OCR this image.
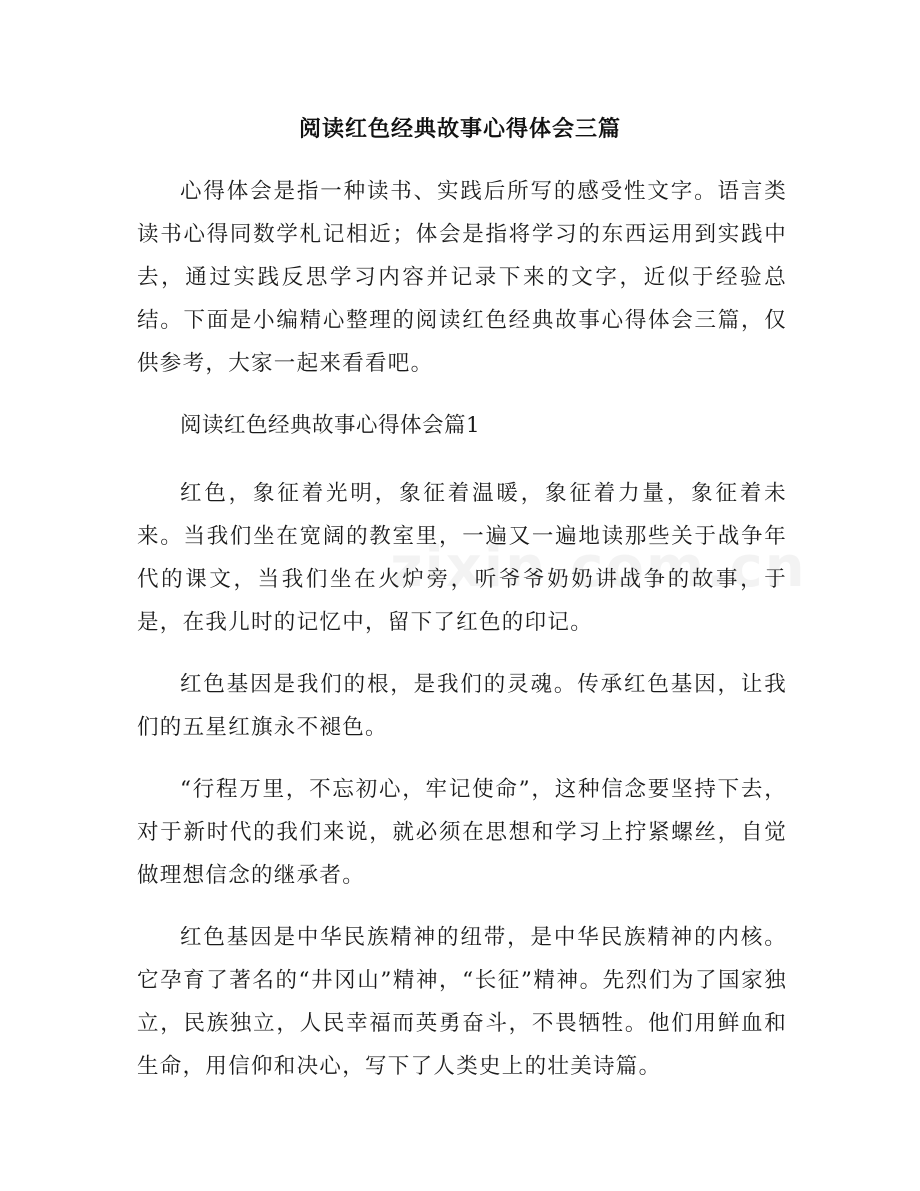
阅读红色经典故事心得体会三篇

心得体会是指一种读书、实践后所写的感受性文字。语言类读书心得同数学札记相近；体会是指将学习的东西运用到实践中去，通过实践反思学习内容并记录下来的文字，近似于经验总结。下面是小编精心整理的阅读红色经典故事心得体会三篇，仅供参考，大家一起来看看吧。

阅读红色经典故事心得体会篇1

红色，象征着光明，象征着温暖，象征着力量，象征着未来。当我们坐在宽阔的教室里，一遍又一遍地读那些关于战争年代的课文，当我们坐在火炉旁，听爷爷奶奶讲战争的故事，于是，在我儿时的记忆中，留下了红色的印记。

红色基因是我们的根，是我们的灵魂。传承红色基因，让我们的五星红旗永不褪色。

“行程万里，不忘初心，牢记使命”，这种信念要坚持下去，对于新时代的我们来说，就必须在思想和学习上拧紧螺丝，自觉做理想信念的继承者。

红色基因是中华民族精神的纽带，是中华民族精神的内核。它孕育了著名的“井冈山”精神，“长征”精神。先烈们为了国家独立，民族独立，人民幸福而英勇奋斗，不畏牺牲。他们用鲜血和生命，用信仰和决心，写下了人类史上的壮美诗篇。
